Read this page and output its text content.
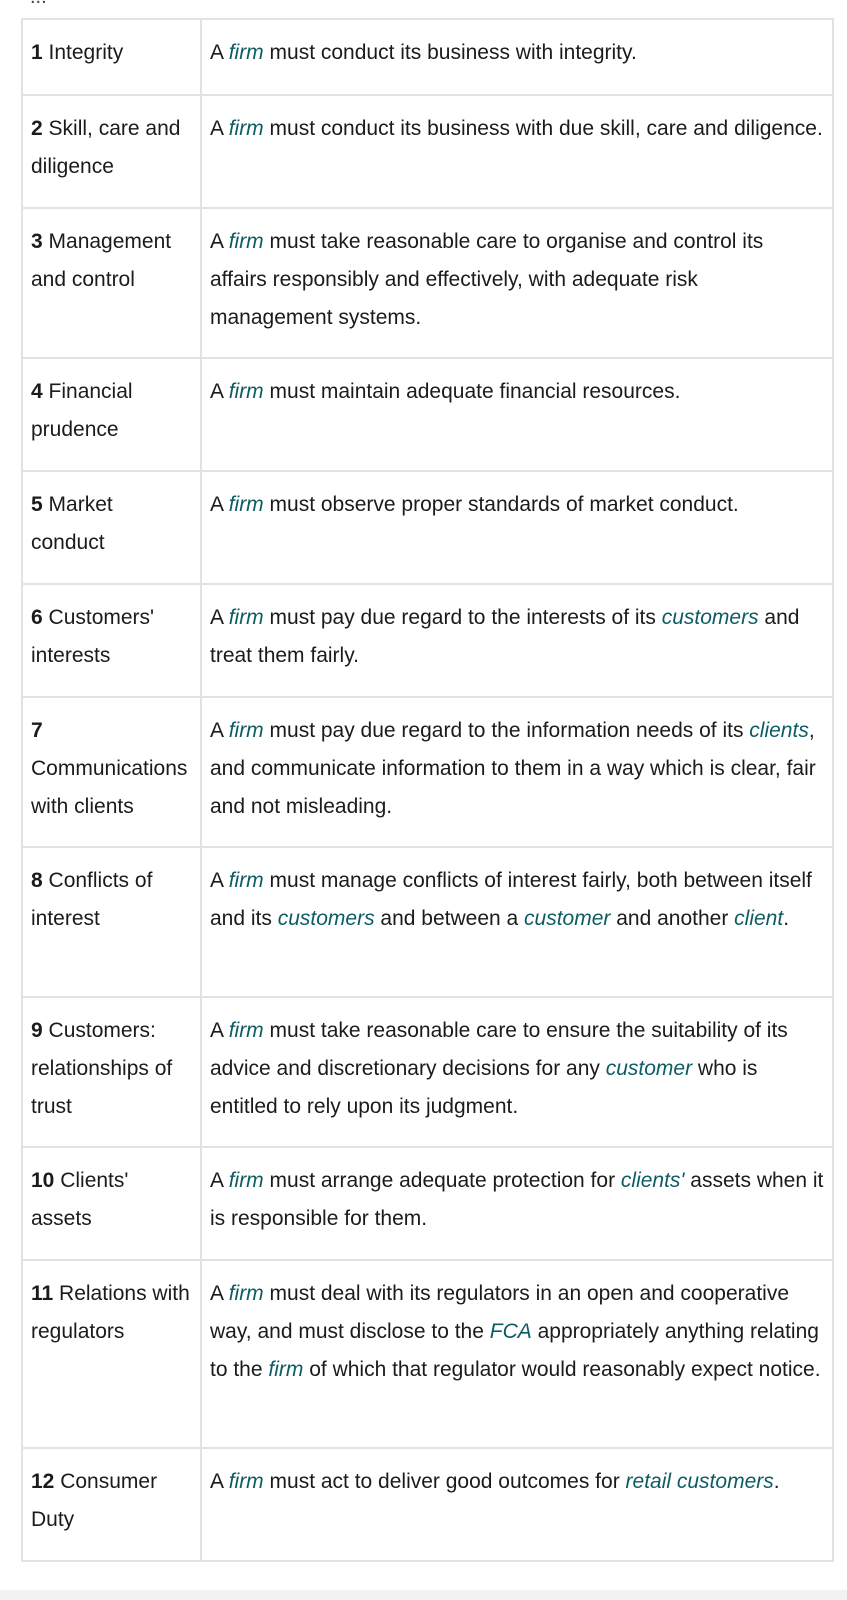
1 Integrity	A firm must conduct its business with integrity.
2 Skill, care and diligence	A firm must conduct its business with due skill, care and diligence.
3 Management and control	A firm must take reasonable care to organise and control its affairs responsibly and effectively, with adequate risk management systems.
4 Financial prudence	A firm must maintain adequate financial resources.
5 Market conduct	A firm must observe proper standards of market conduct.
6 Customers' interests	A firm must pay due regard to the interests of its customers and treat them fairly.
7 Communications with clients	A firm must pay due regard to the information needs of its clients, and communicate information to them in a way which is clear, fair and not misleading.
8 Conflicts of interest	A firm must manage conflicts of interest fairly, both between itself and its customers and between a customer and another client.
9 Customers: relationships of trust	A firm must take reasonable care to ensure the suitability of its advice and discretionary decisions for any customer who is entitled to rely upon its judgment.
10 Clients' assets	A firm must arrange adequate protection for clients' assets when it is responsible for them.
11 Relations with regulators	A firm must deal with its regulators in an open and cooperative way, and must disclose to the FCA appropriately anything relating to the firm of which that regulator would reasonably expect notice.
12 Consumer Duty	A firm must act to deliver good outcomes for retail customers.
